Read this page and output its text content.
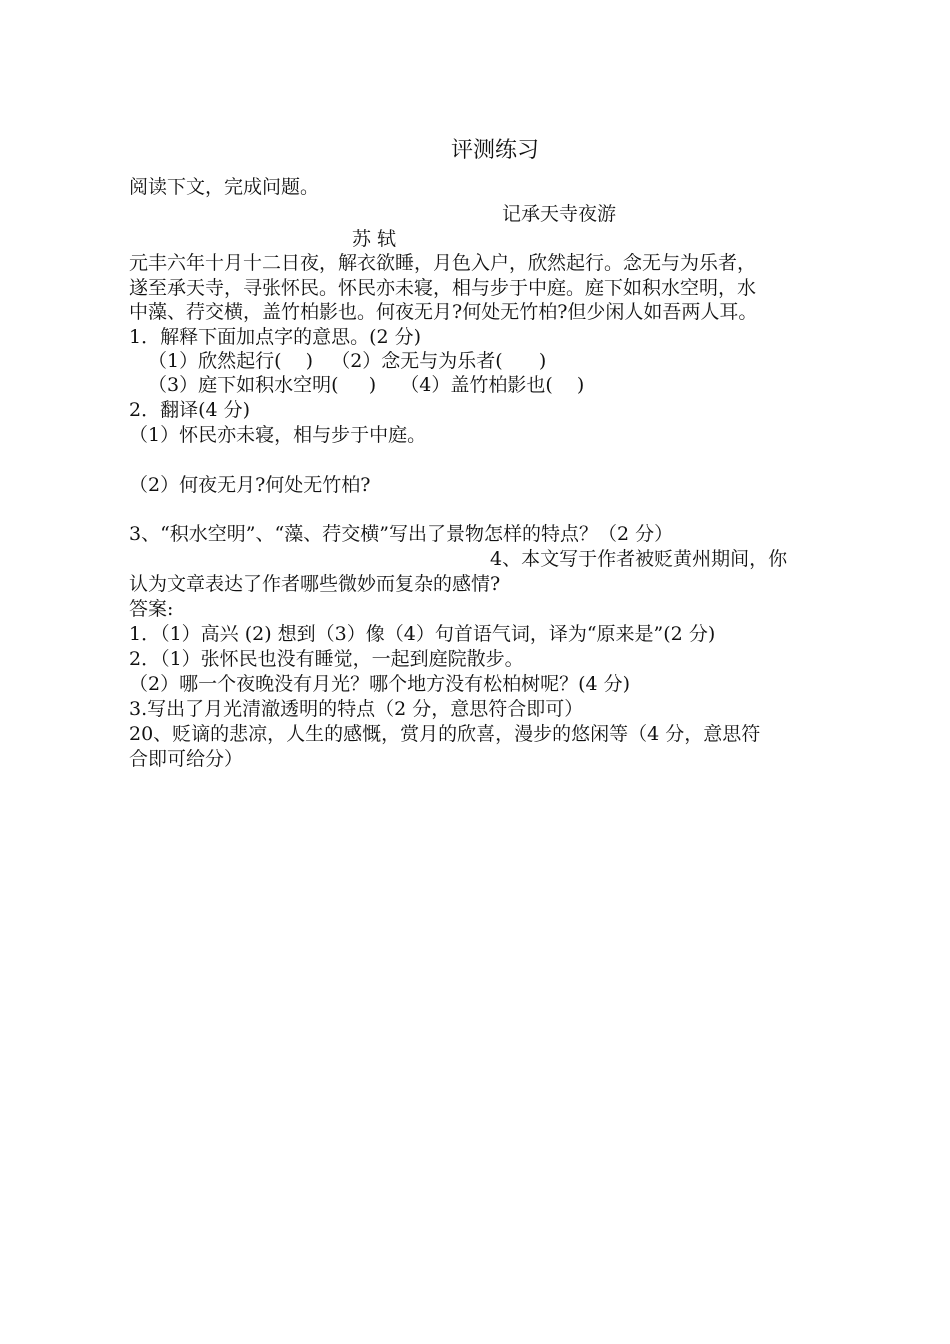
评测练习
阅读下文，完成问题。
记承天寺夜游
苏 轼
元丰六年十月十二日夜，解衣欲睡，月色入户，欣然起行。念无与为乐者，
遂至承天寺，寻张怀民。怀民亦未寝，相与步于中庭。庭下如积水空明，水
中藻、荇交横，盖竹柏影也。何夜无月?何处无竹柏?但少闲人如吾两人耳。
1．解释下面加点字的意思。(2 分)
（1）欣然起行(    )   （2）念无与为乐者(      )
（3）庭下如积水空明(     )    （4）盖竹柏影也(    )
2．翻译(4 分)
（1）怀民亦未寝，相与步于中庭。
（2）何夜无月?何处无竹柏?
3、“积水空明”、“藻、荇交横”写出了景物怎样的特点？（2 分）
4、本文写于作者被贬黄州期间，你
认为文章表达了作者哪些微妙而复杂的感情?
答案:
1．（1）高兴 (2) 想到（3）像（4）句首语气词，译为“原来是”(2 分)
2．（1）张怀民也没有睡觉，一起到庭院散步。
（2）哪一个夜晚没有月光？哪个地方没有松柏树呢？(4 分)
3.写出了月光清澈透明的特点（2 分，意思符合即可）
20、贬谪的悲凉，人生的感慨，赏月的欣喜，漫步的悠闲等（4 分，意思符
合即可给分）
